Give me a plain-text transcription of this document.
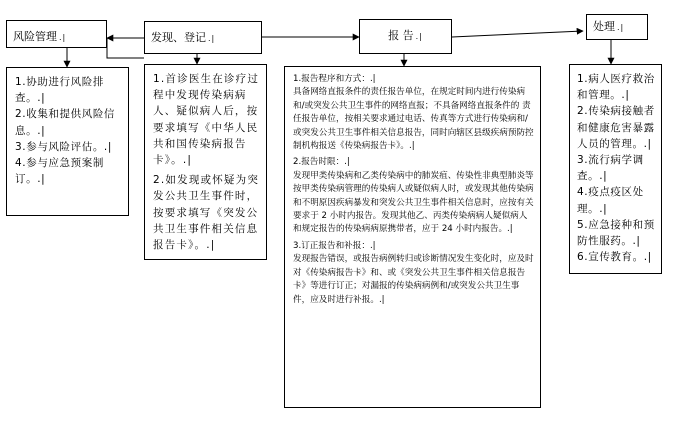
风险管理 .|	发现、登记 .|	报 告 .|
处理 .|

1.协助进行风险排查。.|

2.收集和提供风险信息。.|

3.参与风险评估。.|

4.参与应急预案制订。.|

1.首诊医生在诊疗过程中发现传染病病人、疑似病人后，按要求填写《中华人民共和国传染病报告卡》。.|

2.如发现或怀疑为突发公共卫生事件时，按要求填写《突发公共卫生事件相关信息报告卡》。.|

1.报告程序和方式：.|

具备网络直报条件的责任报告单位，在规定时间内进行传染病和/或突发公共卫生事件的网络直报；不具备网络直报条件的 责任报告单位，按相关要求通过电话、传真等方式进行传染病和/或突发公共卫生事件相关信息报告，同时向辖区县级疾病预防控制机构报送《传染病报告卡》。.|

2.报告时限：.|

发现甲类传染病和乙类传染病中的肺炭疽、传染性非典型肺炎等按甲类传染病管理的传染病人或疑似病人时，或发现其他传染病和不明原因疾病暴发和突发公共卫生事件相关信息时，应按有关要求于 2 小时内报告。发现其他乙、丙类传染病病人疑似病人和规定报告的传染病病原携带者，应于 24 小时内报告。.|

3.订正报告和补报：.|

发现报告错误，或报告病例转归或诊断情况发生变化时，应及时对《传染病报告卡》和、或《突发公共卫生事件相关信息报告卡》等进行订正；对漏报的传染病病例和/或突发公共卫生事件，应及时进行补报。.|

1.病人医疗救治和管理。.|

2.传染病接触者和健康危害暴露人员的管理。.|

3.流行病学调查。.|

4.疫点疫区处理。.|

5.应急接种和预防性服药。.|

6.宣传教育。.|
